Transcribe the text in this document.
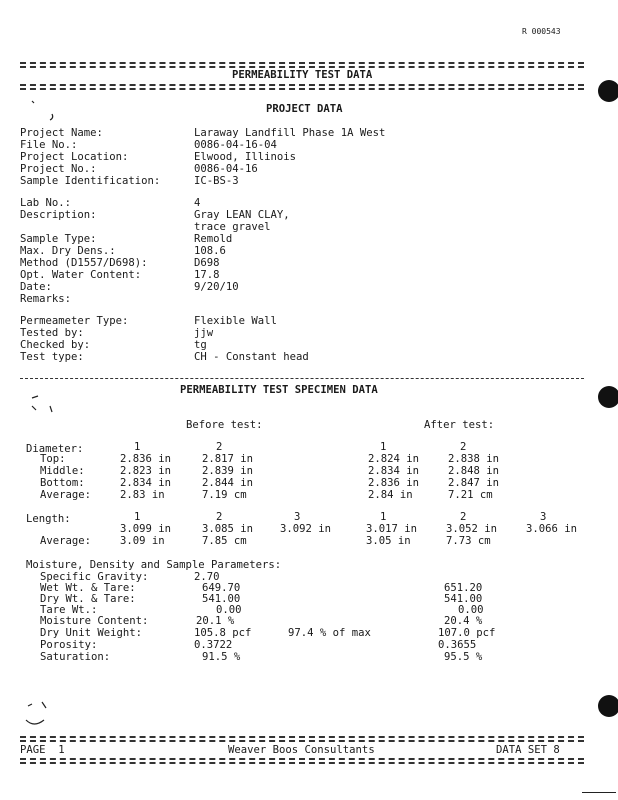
R 000543
PERMEABILITY TEST DATA
PROJECT DATA
Project Name:	Laraway Landfill Phase 1A West
File No.:	0086-04-16-04
Project Location:	Elwood, Illinois
Project No.:	0086-04-16
Sample Identification:	IC-BS-3
Lab No.:	4
Description:	Gray LEAN CLAY,
trace gravel
Sample Type:	Remold
Max. Dry Dens.:	108.6
Method (D1557/D698):	D698
Opt. Water Content:	17.8
Date:	9/20/10
Remarks:
Permeameter Type:	Flexible Wall
Tested by:	jjw
Checked by:	tg
Test type:	CH - Constant head
PERMEABILITY TEST SPECIMEN DATA
Before test:	After test:
Diameter:	1	2	1	2
Top:	2.836 in	2.817 in	2.824 in	2.838 in
Middle:	2.823 in	2.839 in	2.834 in	2.848 in
Bottom:	2.834 in	2.844 in	2.836 in	2.847 in
Average:	2.83 in	7.19 cm	2.84 in	7.21 cm
Length:	1	2	3	1	2	3
3.099 in	3.085 in	3.092 in	3.017 in	3.052 in	3.066 in
Average:	3.09 in	7.85 cm	3.05 in	7.73 cm
Moisture, Density and Sample Parameters:
Specific Gravity:	2.70
Wet Wt. & Tare:	649.70	651.20
Dry Wt. & Tare:	541.00	541.00
Tare Wt.:	0.00	0.00
Moisture Content:	20.1 %	20.4 %
Dry Unit Weight:	105.8 pcf	97.4 % of max	107.0 pcf
Porosity:	0.3722	0.3655
Saturation:	91.5 %	95.5 %
PAGE  1	Weaver Boos Consultants	DATA SET 8
